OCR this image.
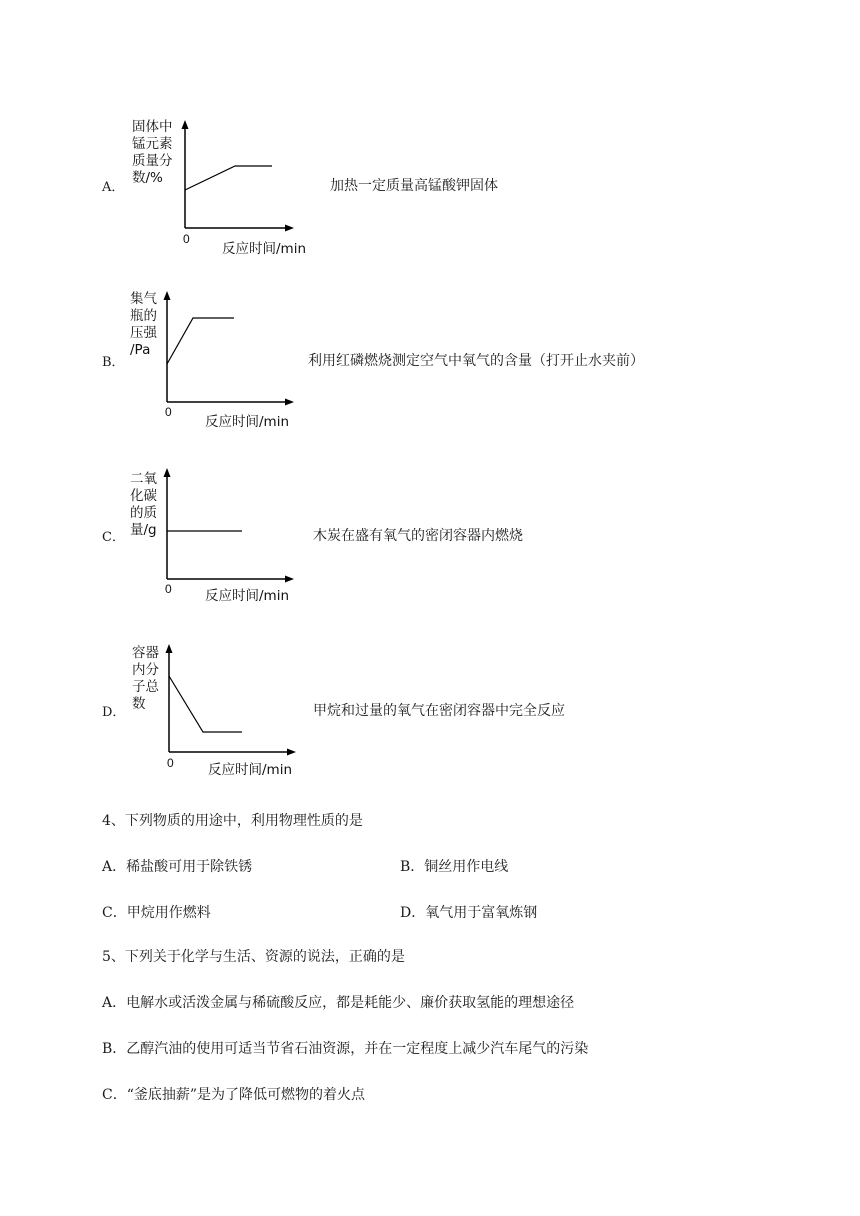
A．
固体中
锰元素
质量分
数/%
0
反应时间/min
加热一定质量高锰酸钾固体
B．
集气
瓶的
压强
/Pa
0
反应时间/min
利用红磷燃烧测定空气中氧气的含量（打开止水夹前）
C．
二氧
化碳
的质
量/g
0 反应时间/min
木炭在盛有氧气的密闭容器内燃烧
D．
容器
内分
子总
数
0	反应时间/min
甲烷和过量的氧气在密闭容器中完全反应
4、下列物质的用途中，利用物理性质的是
A．稀盐酸可用于除铁锈	B．铜丝用作电线
C．甲烷用作燃料	D．氧气用于富氧炼钢
5、下列关于化学与生活、资源的说法，正确的是
A．电解水或活泼金属与稀硫酸反应，都是耗能少、廉价获取氢能的理想途径
B．乙醇汽油的使用可适当节省石油资源，并在一定程度上减少汽车尾气的污染
C．“釜底抽薪”是为了降低可燃物的着火点
